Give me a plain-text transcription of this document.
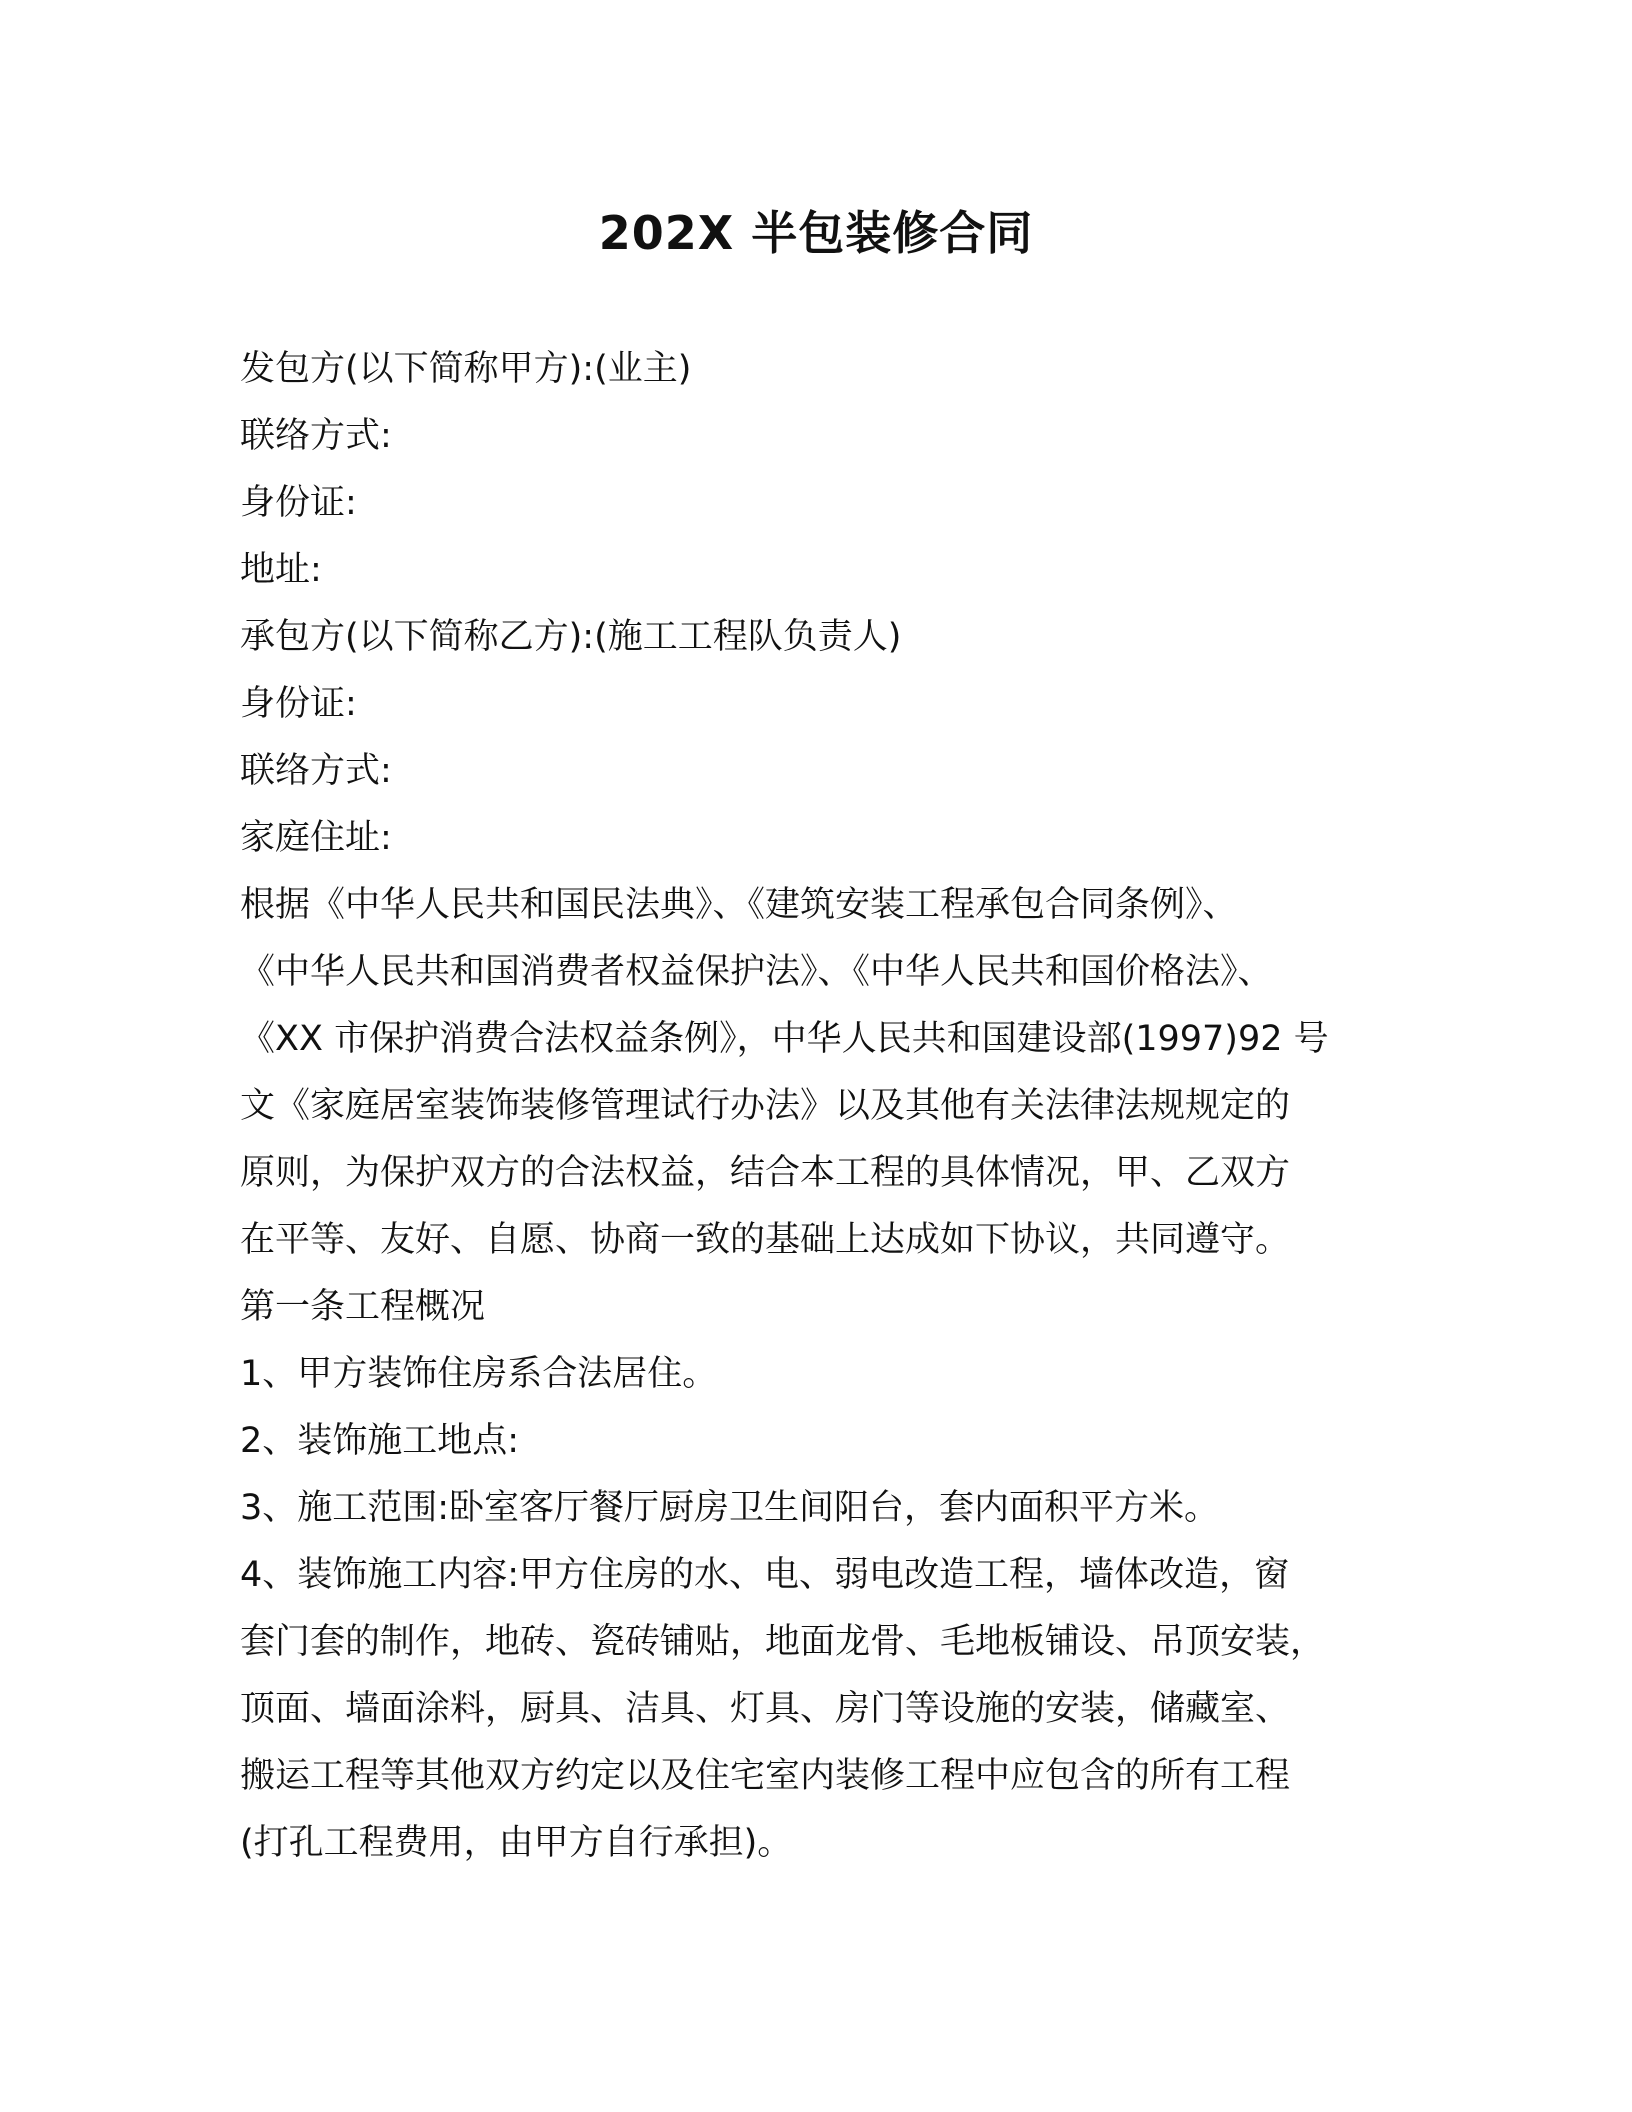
202X 半包装修合同
发包方(以下简称甲方):(业主)
联络方式:
身份证:
地址:
承包方(以下简称乙方):(施工工程队负责人)
身份证:
联络方式:
家庭住址:
根据《中华人民共和国民法典》、《建筑安装工程承包合同条例》、
《中华人民共和国消费者权益保护法》、《中华人民共和国价格法》、
《XX 市保护消费合法权益条例》，中华人民共和国建设部(1997)92 号
文《家庭居室装饰装修管理试行办法》以及其他有关法律法规规定的
原则，为保护双方的合法权益，结合本工程的具体情况，甲、乙双方
在平等、友好、自愿、协商一致的基础上达成如下协议，共同遵守。
第一条工程概况
1、甲方装饰住房系合法居住。
2、装饰施工地点:
3、施工范围:卧室客厅餐厅厨房卫生间阳台，套内面积平方米。
4、装饰施工内容:甲方住房的水、电、弱电改造工程，墙体改造，窗
套门套的制作，地砖、瓷砖铺贴，地面龙骨、毛地板铺设、吊顶安装，
顶面、墙面涂料，厨具、洁具、灯具、房门等设施的安装，储藏室、
搬运工程等其他双方约定以及住宅室内装修工程中应包含的所有工程
(打孔工程费用，由甲方自行承担)。
